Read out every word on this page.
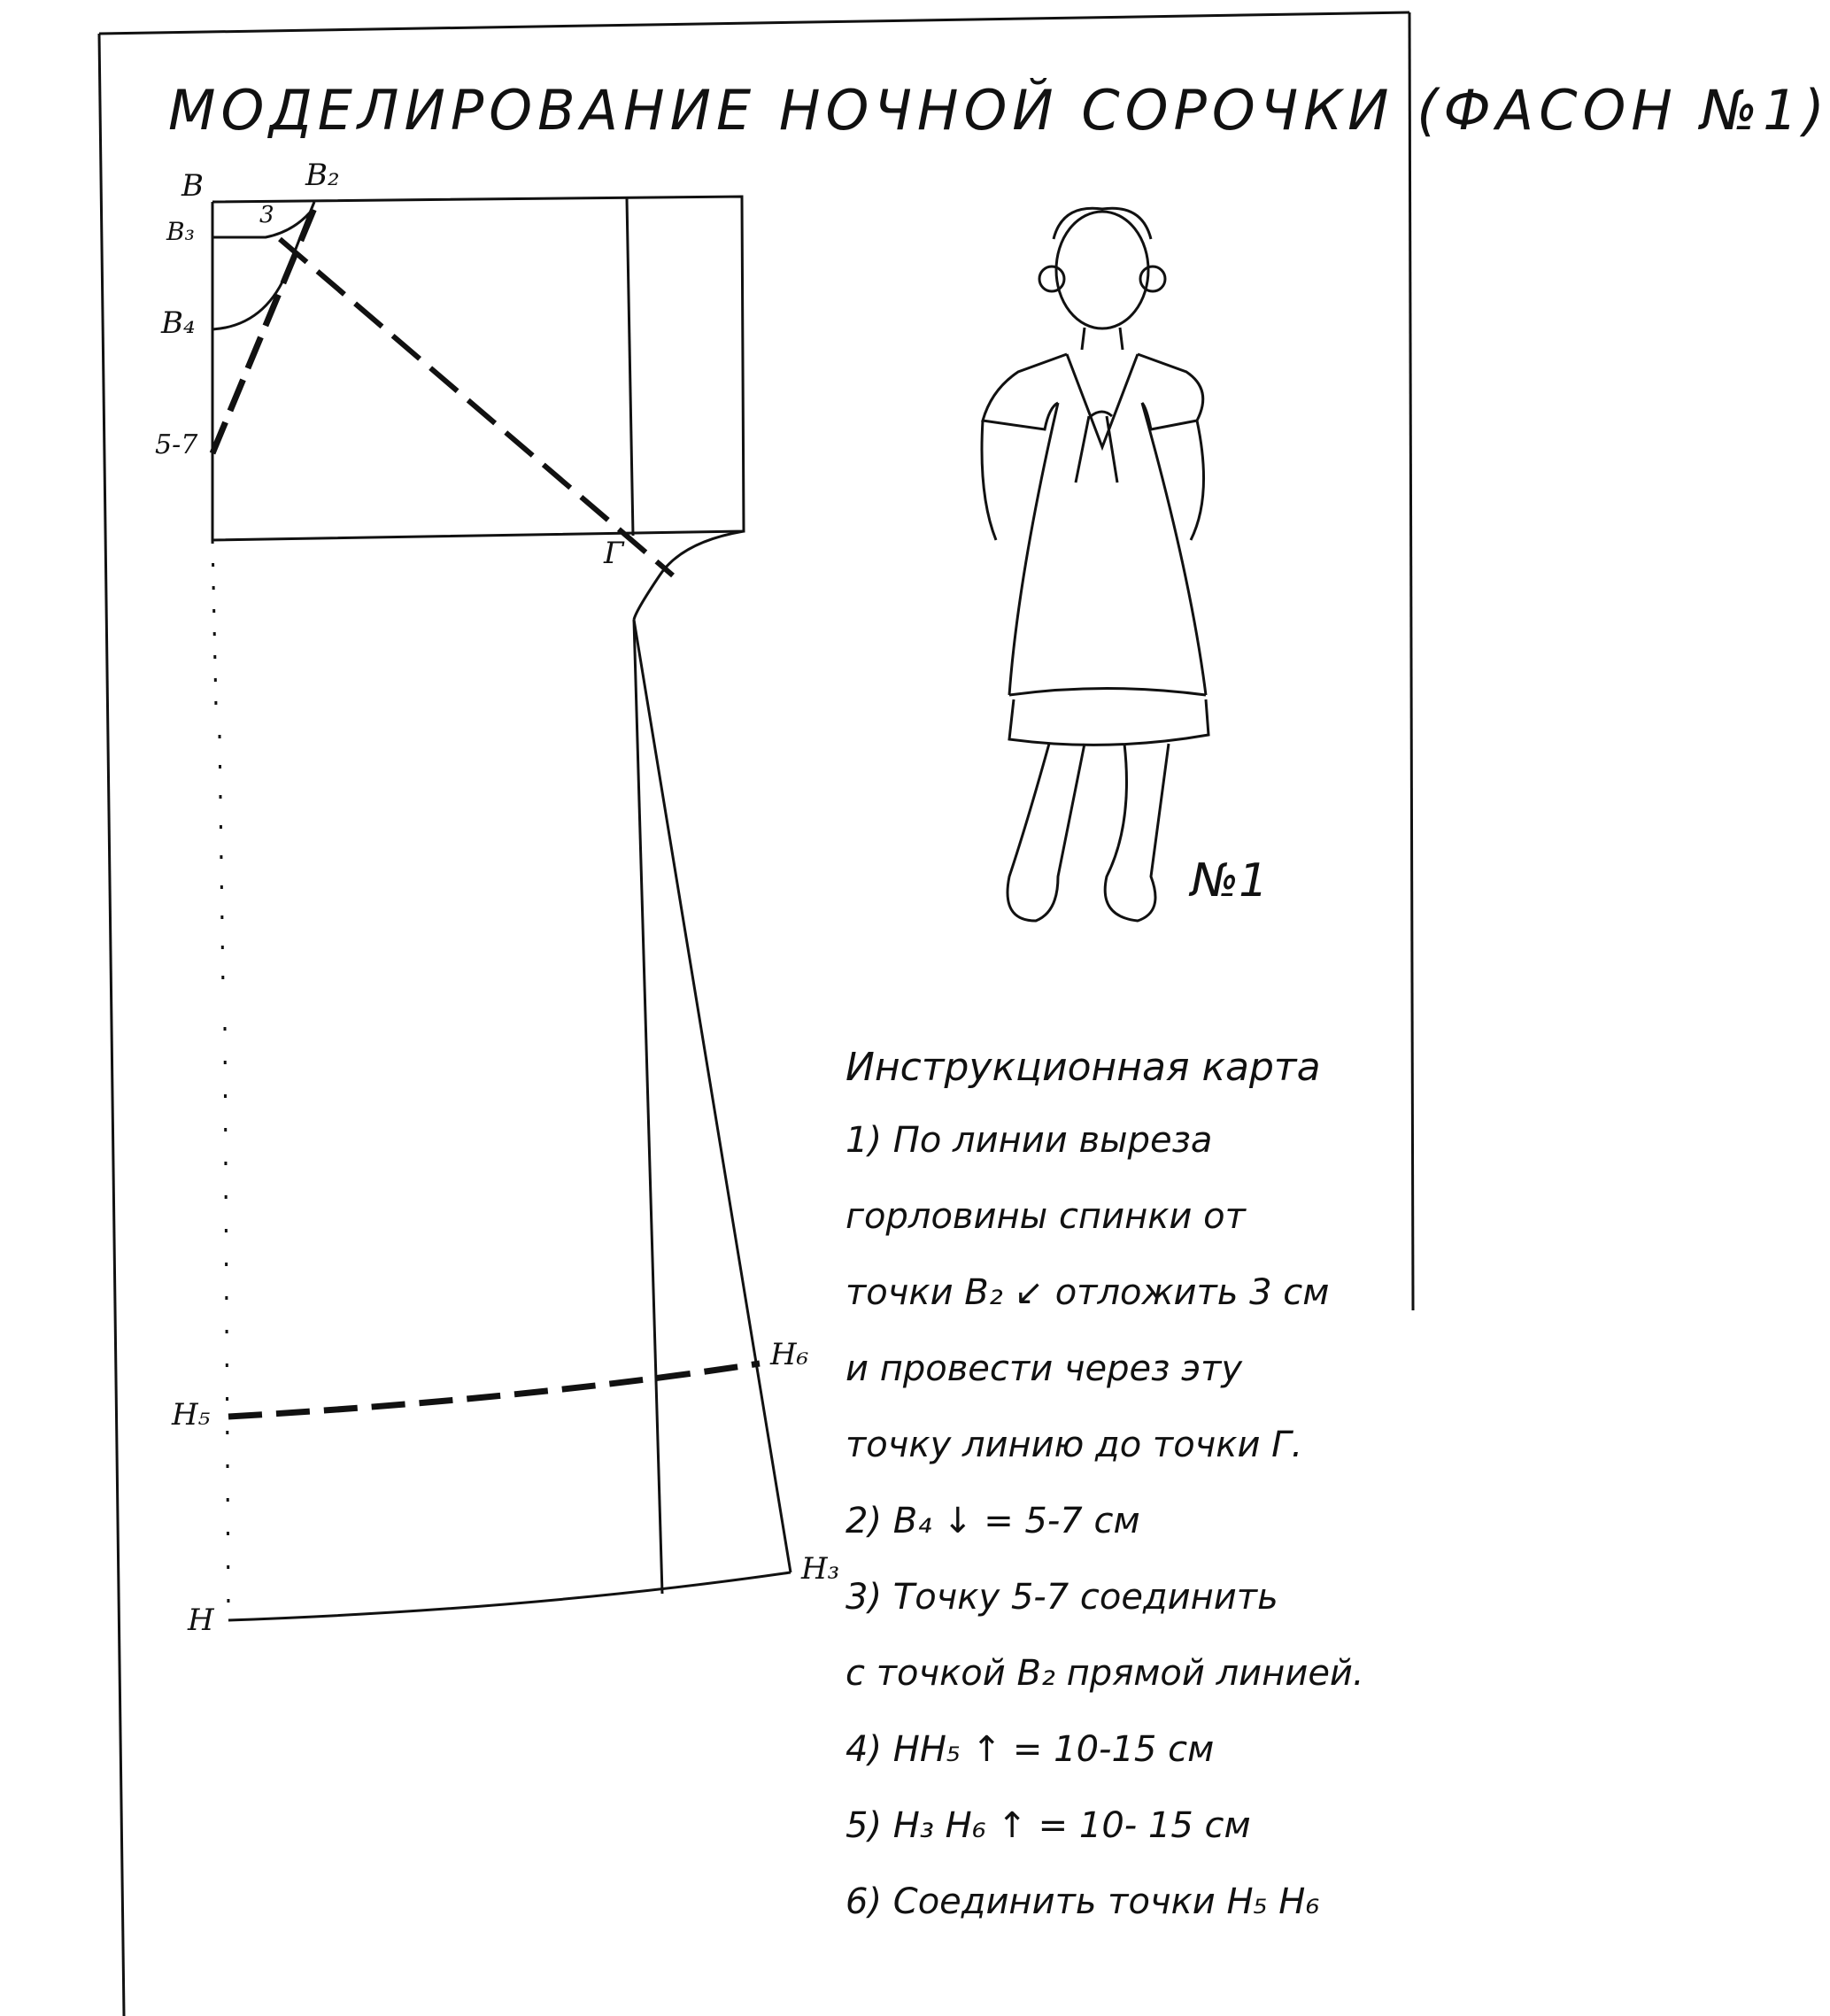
МОДЕЛИРОВАНИЕ НОЧНОЙ СОРОЧКИ (ФАСОН №1)
В	В₂
В₃
3
В₄
5-7
Г
Н₅
Н₆
Н₃
Н
№1
Инструкционная карта
1) По линии выреза
горловины спинки от
точки В₂ ↙ отложить 3 см
и провести через эту
точку линию до точки Г.
2) В₄ ↓ = 5-7 см
3) Точку 5-7 соединить
с точкой В₂ прямой линией.
4) НН₅ ↑ = 10-15 см
5) Н₃ Н₆ ↑ = 10- 15 см
6) Соединить точки Н₅ Н₆
